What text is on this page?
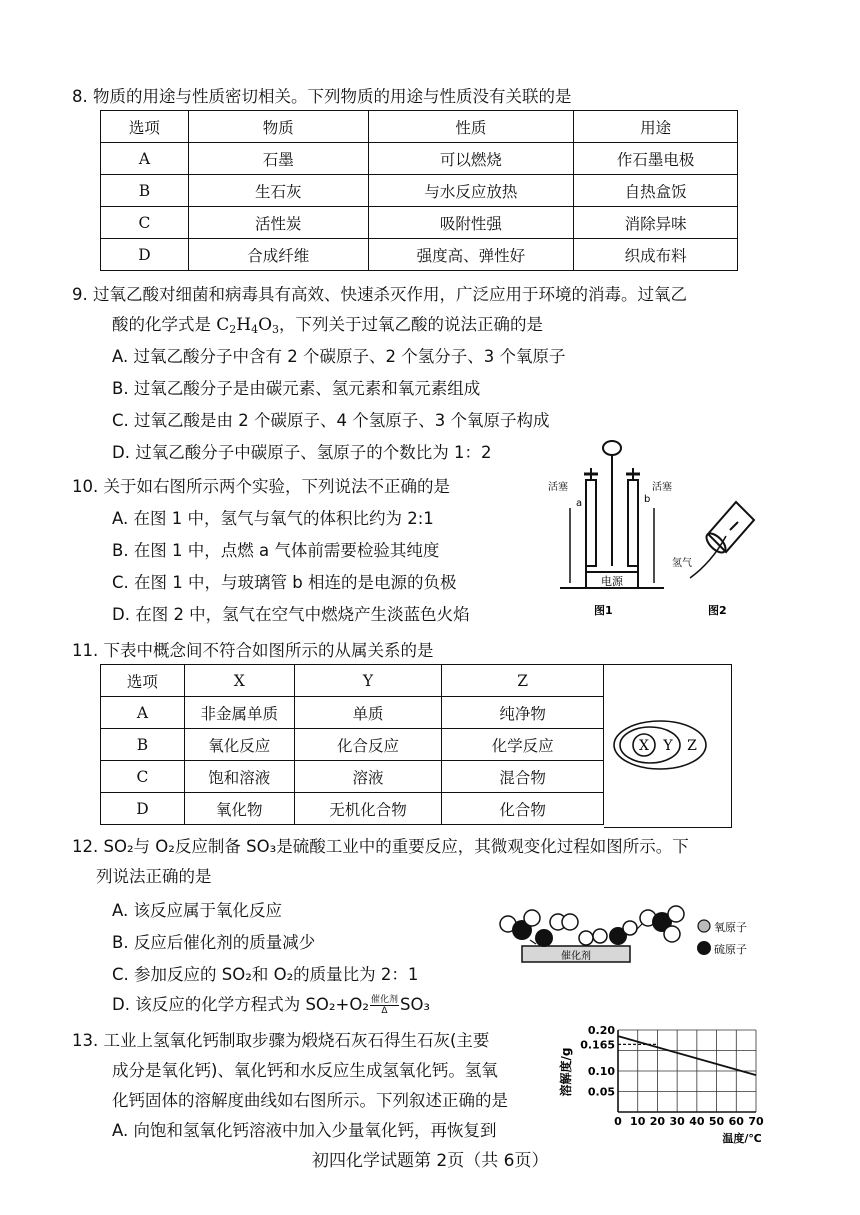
8. 物质的用途与性质密切相关。下列物质的用途与性质没有关联的是
选项	物质	性质	用途
A	石墨	可以燃烧	作石墨电极
B	生石灰	与水反应放热	自热盒饭
C	活性炭	吸附性强	消除异味
D	合成纤维	强度高、弹性好	织成布料
9. 过氧乙酸对细菌和病毒具有高效、快速杀灭作用，广泛应用于环境的消毒。过氧乙
酸的化学式是 $C_2H_4O_3$，下列关于过氧乙酸的说法正确的是
A. 过氧乙酸分子中含有 2 个碳原子、2 个氢分子、3 个氧原子
B. 过氧乙酸分子是由碳元素、氢元素和氧元素组成
C. 过氧乙酸是由 2 个碳原子、4 个氢原子、3 个氧原子构成
D. 过氧乙酸分子中碳原子、氢原子的个数比为 1：2
10. 关于如右图所示两个实验，下列说法不正确的是
A. 在图 1 中，氢气与氧气的体积比约为 2:1
B. 在图 1 中，点燃 a 气体前需要检验其纯度
C. 在图 1 中，与玻璃管 b 相连的是电源的负极
D. 在图 2 中，氢气在空气中燃烧产生淡蓝色火焰
电源
活塞	活塞
a	b
图1
氢气
图2
11. 下表中概念间不符合如图所示的从属关系的是
选项	X	Y	Z
A	非金属单质	单质	纯净物
B	氧化反应	化合反应	化学反应
C	饱和溶液	溶液	混合物
D	氧化物	无机化合物	化合物
X Y Z
12. SO₂与 O₂反应制备 SO₃是硫酸工业中的重要反应，其微观变化过程如图所示。下
列说法正确的是
A. 该反应属于氧化反应
B. 反应后催化剂的质量减少
C. 参加反应的 SO₂和 O₂的质量比为 2：1
D. 该反应的化学方程式为 $SO_2+O_2 \frac{\text{催化剂}}{\Delta} SO_3$
催化剂
氧原子
硫原子
13. 工业上氢氧化钙制取步骤为煅烧石灰石得生石灰(主要
成分是氧化钙)、氧化钙和水反应生成氢氧化钙。氢氧
化钙固体的溶解度曲线如右图所示。下列叙述正确的是
A. 向饱和氢氧化钙溶液中加入少量氧化钙，再恢复到
0.20
0.165
0.10
0.05
0 10 20 30 40 50 60 70
溶解度/g
温度/℃
初四化学试题第 2页（共 6页）
